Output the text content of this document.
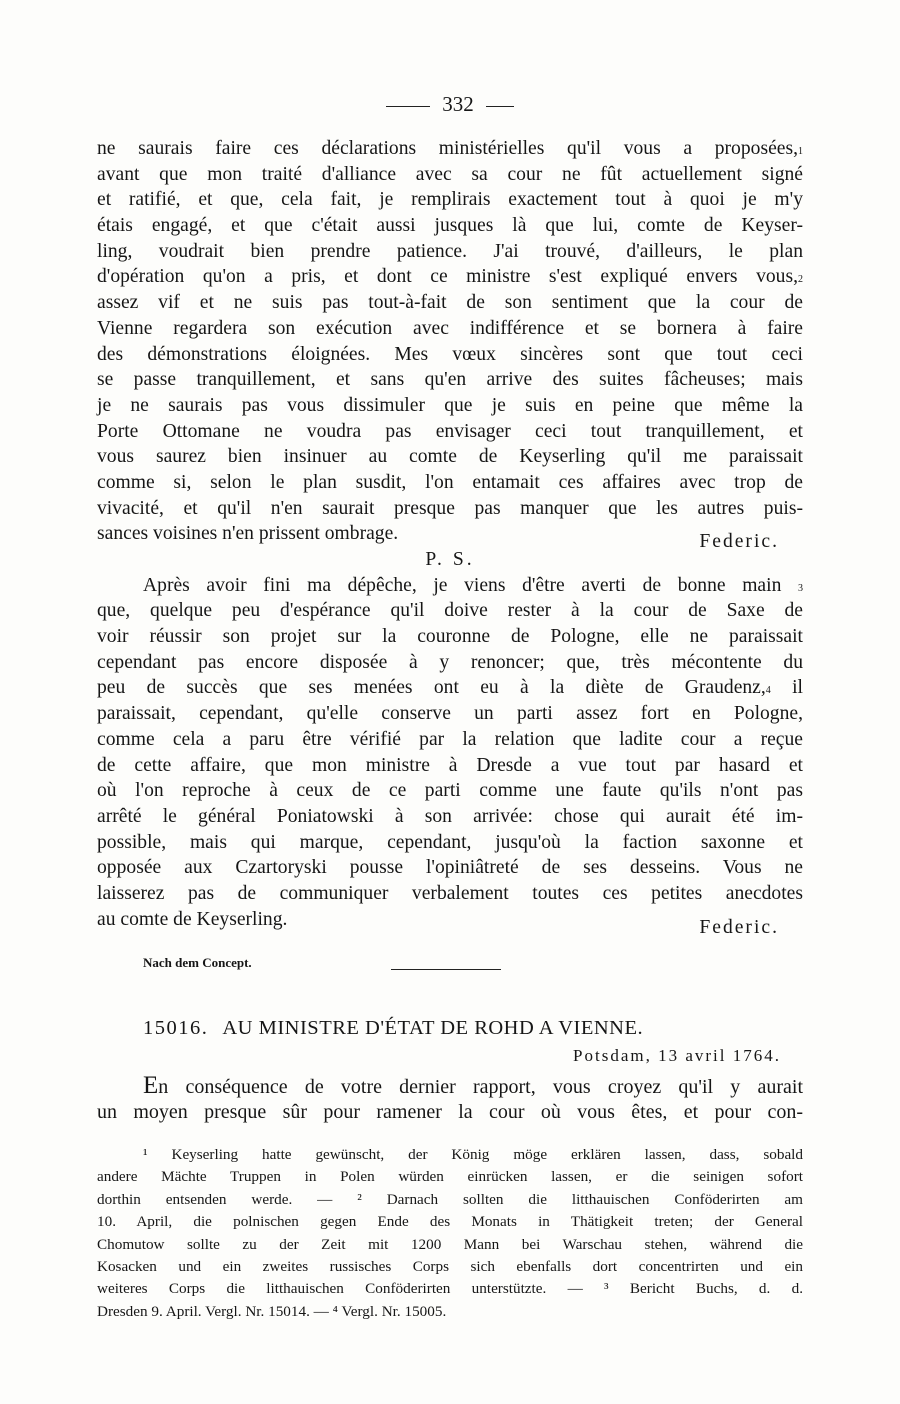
332
ne saurais faire ces déclarations ministérielles qu'il vous a proposées,$^1$
avant que mon traité d'alliance avec sa cour ne fût actuellement signé
et ratifié, et que, cela fait, je remplirais exactement tout à quoi je m'y
étais engagé, et que c'était aussi jusques là que lui, comte de Keyser-
ling, voudrait bien prendre patience. J'ai trouvé, d'ailleurs, le plan
d'opération qu'on a pris, et dont ce ministre s'est expliqué envers vous,$^2$
assez vif et ne suis pas tout-à-fait de son sentiment que la cour de
Vienne regardera son exécution avec indifférence et se bornera à faire
des démonstrations éloignées. Mes vœux sincères sont que tout ceci
se passe tranquillement, et sans qu'en arrive des suites fâcheuses; mais
je ne saurais pas vous dissimuler que je suis en peine que même la
Porte Ottomane ne voudra pas envisager ceci tout tranquillement, et
vous saurez bien insinuer au comte de Keyserling qu'il me paraissait
comme si, selon le plan susdit, l'on entamait ces affaires avec trop de
vivacité, et qu'il n'en saurait presque pas manquer que les autres puis-
sances voisines n'en prissent ombrage.	Federic.
P. S.
Après avoir fini ma dépêche, je viens d'être averti de bonne main $^3$
que, quelque peu d'espérance qu'il doive rester à la cour de Saxe de
voir réussir son projet sur la couronne de Pologne, elle ne paraissait
cependant pas encore disposée à y renoncer; que, très mécontente du
peu de succès que ses menées ont eu à la diète de Graudenz,$^4$ il
paraissait, cependant, qu'elle conserve un parti assez fort en Pologne,
comme cela a paru être vérifié par la relation que ladite cour a reçue
de cette affaire, que mon ministre à Dresde a vue tout par hasard et
où l'on reproche à ceux de ce parti comme une faute qu'ils n'ont pas
arrêté le général Poniatowski à son arrivée: chose qui aurait été im-
possible, mais qui marque, cependant, jusqu'où la faction saxonne et
opposée aux Czartoryski pousse l'opiniâtreté de ses desseins. Vous ne
laisserez pas de communiquer verbalement toutes ces petites anecdotes
au comte de Keyserling.	Federic.
Nach dem Concept.
15016. AU MINISTRE D'ÉTAT DE ROHD A VIENNE.
Potsdam, 13 avril 1764.
En conséquence de votre dernier rapport, vous croyez qu'il y aurait
un moyen presque sûr pour ramener la cour où vous êtes, et pour con-
¹ Keyserling hatte gewünscht, der König möge erklären lassen, dass, sobald
andere Mächte Truppen in Polen würden einrücken lassen, er die seinigen sofort
dorthin entsenden werde. — ² Darnach sollten die litthauischen Conföderirten am
10. April, die polnischen gegen Ende des Monats in Thätigkeit treten; der General
Chomutow sollte zu der Zeit mit 1200 Mann bei Warschau stehen, während die
Kosacken und ein zweites russisches Corps sich ebenfalls dort concentrirten und ein
weiteres Corps die litthauischen Conföderirten unterstützte. — ³ Bericht Buchs, d. d.
Dresden 9. April. Vergl. Nr. 15014. — ⁴ Vergl. Nr. 15005.
